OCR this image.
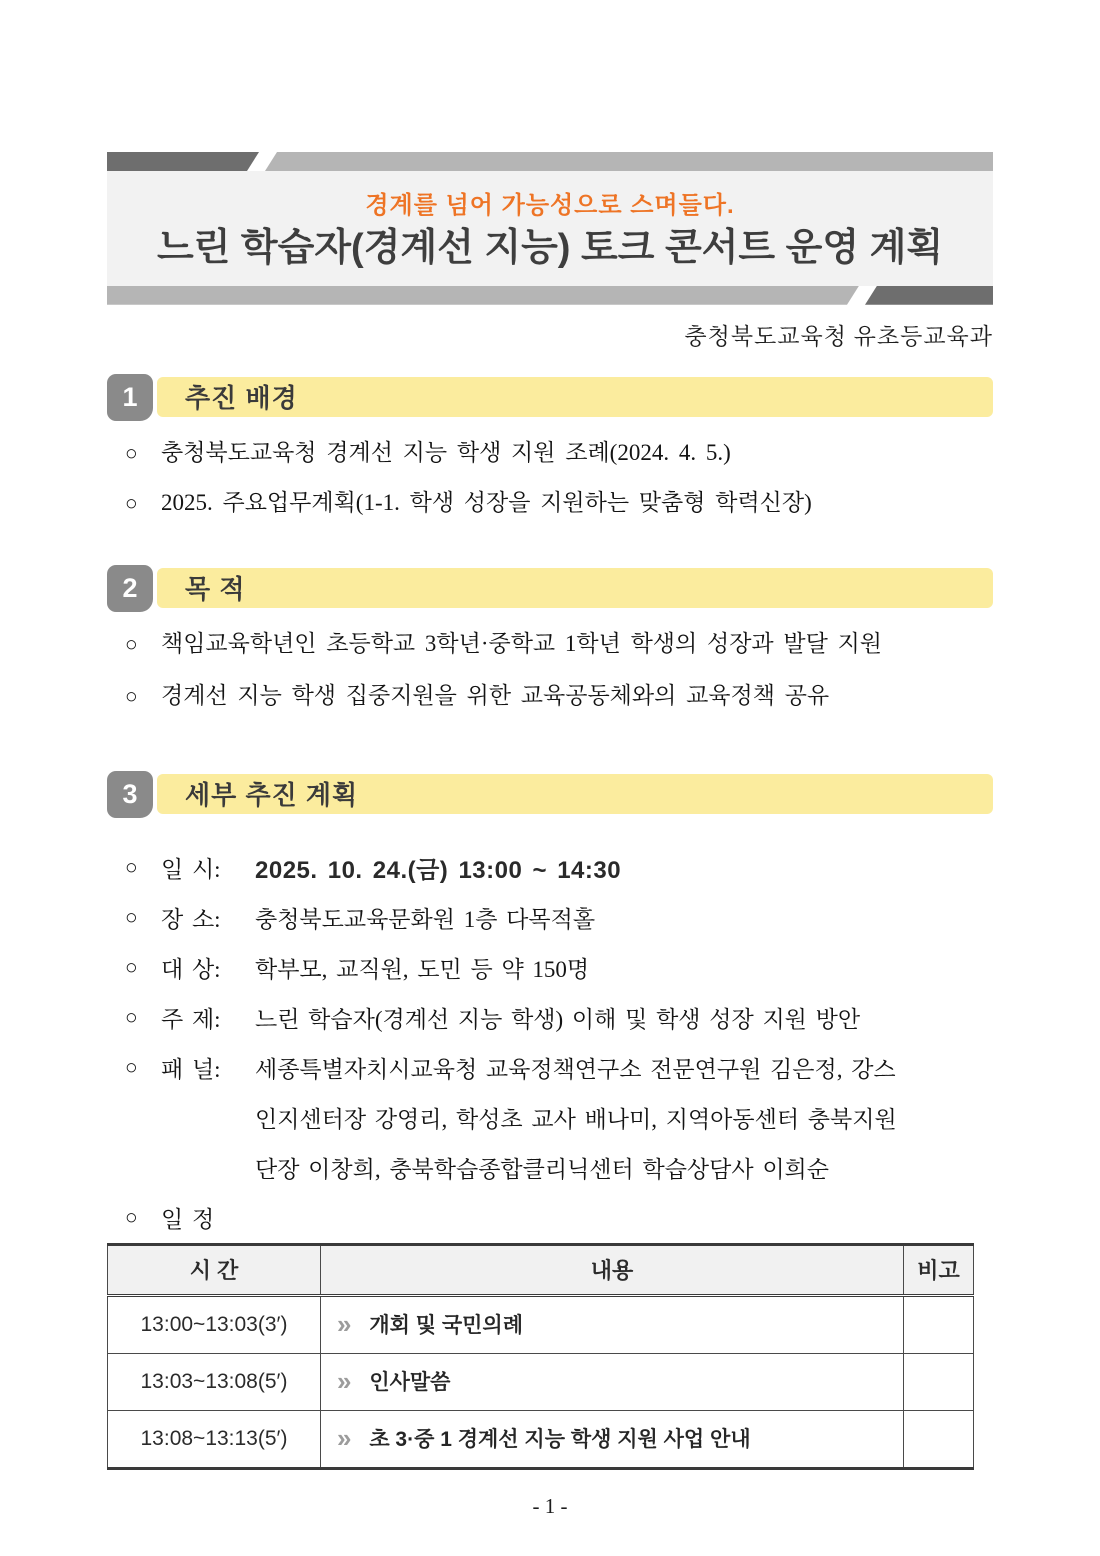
경계를 넘어 가능성으로 스며들다.
느린 학습자(경계선 지능) 토크 콘서트 운영 계획
충청북도교육청 유초등교육과
1	추진 배경
○	충청북도교육청 경계선 지능 학생 지원 조례(2024. 4. 5.)
○	2025. 주요업무계획(1-1. 학생 성장을 지원하는 맞춤형 학력신장)
2	목 적
○	책임교육학년인 초등학교 3학년·중학교 1학년 학생의 성장과 발달 지원
○	경계선 지능 학생 집중지원을 위한 교육공동체와의 교육정책 공유
3	세부 추진 계획
○	일 시:	2025. 10. 24.(금) 13:00 ~ 14:30
○	장 소:	충청북도교육문화원 1층 다목적홀
○	대 상:	학부모, 교직원, 도민 등 약 150명
○	주 제:	느린 학습자(경계선 지능 학생) 이해 및 학생 성장 지원 방안
○	패 널:	세종특별자치시교육청 교육정책연구소 전문연구원 김은정, 강스
인지센터장 강영리, 학성초 교사 배나미, 지역아동센터 충북지원
단장 이창희, 충북학습종합클리닉센터 학습상담사 이희순
○	일 정
시 간	내용	비고
13:00~13:03(3′)	» 개회 및 국민의례	
13:03~13:08(5′)	» 인사말씀	
13:08~13:13(5′)	» 초 3·중 1 경계선 지능 학생 지원 사업 안내	
- 1 -
